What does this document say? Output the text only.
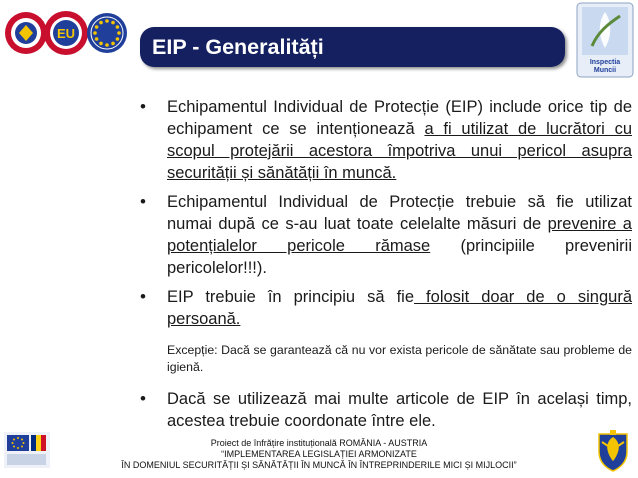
EU
Inspectia
Muncii
EIP - Generalități
• Echipamentul Individual de Protecție (EIP) include orice tip de echipament ce se intenționează a fi utilizat de lucrători cu scopul protejării acestora împotriva unui pericol asupra securității și sănătății în muncă.
• Echipamentul Individual de Protecție trebuie să fie utilizat numai după ce s-au luat toate celelalte măsuri de prevenire a potențialelor pericole rămase (principiile prevenirii pericolelor!!!).
• EIP trebuie în principiu să fie folosit doar de o singură persoană.
Excepție: Dacă se garantează că nu vor exista pericole de sănătate sau probleme de igienă.
• Dacă se utilizează mai multe articole de EIP în același timp, acestea trebuie coordonate între ele.
Proiect de înfrățire instituțională ROMÂNIA - AUSTRIA
“IMPLEMENTAREA LEGISLAȚIEI ARMONIZATE
ÎN DOMENIUL SECURITĂȚII ȘI SĂNĂTĂȚII ÎN MUNCĂ ÎN ÎNTREPRINDERILE MICI ȘI MIJLOCII”
